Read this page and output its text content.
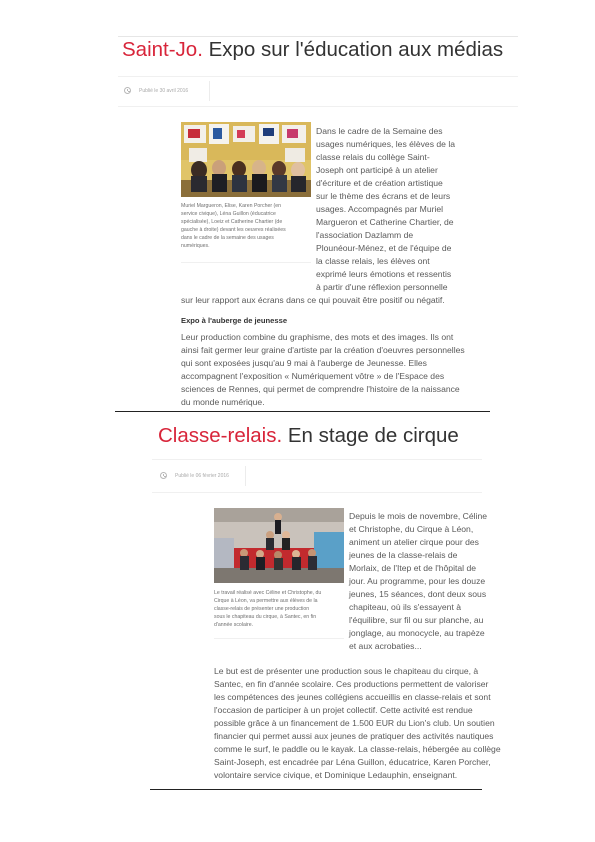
Saint-Jo. Expo sur l'éducation aux médias
Publié le 30 avril 2016

Muriel Margueron, Elise, Karen Porcher (en

service civique), Léna Guillon (éducatrice

spécialisée), Loeiz et Catherine Chartier (de

gauche à droite) devant les oeuvres réalisées

dans le cadre de la semaine des usages

numériques.

Dans le cadre de la Semaine des

usages numériques, les élèves de la

classe relais du collège Saint-

Joseph ont participé à un atelier

d'écriture et de création artistique

sur le thème des écrans et de leurs

usages. Accompagnés par Muriel

Margueron et Catherine Chartier, de

l'association Dazlamm de

Plounéour-Ménez, et de l'équipe de

la classe relais, les élèves ont

exprimé leurs émotions et ressentis

à partir d'une réflexion personnelle

sur leur rapport aux écrans dans ce qui pouvait être positif ou négatif.

Expo à l'auberge de jeunesse

Leur production combine du graphisme, des mots et des images. Ils ont

ainsi fait germer leur graine d'artiste par la création d'oeuvres personnelles

qui sont exposées jusqu'au 9 mai à l'auberge de Jeunesse. Elles

accompagnent l'exposition « Numériquement vôtre » de l'Espace des

sciences de Rennes, qui permet de comprendre l'histoire de la naissance

du monde numérique.

Classe-relais. En stage de cirque
Publié le 06 février 2016

Le travail réalisé avec Céline et Christophe, du

Cirque à Léon, va permettre aux élèves de la

classe-relais de présenter une production

sous le chapiteau du cirque, à Santec, en fin

d'année scolaire.

Depuis le mois de novembre, Céline

et Christophe, du Cirque à Léon,

animent un atelier cirque pour des

jeunes de la classe-relais de

Morlaix, de l'Itep et de l'hôpital de

jour. Au programme, pour les douze

jeunes, 15 séances, dont deux sous

chapiteau, où ils s'essayent à

l'équilibre, sur fil ou sur planche, au

jonglage, au monocycle, au trapèze

et aux acrobaties...

Le but est de présenter une production sous le chapiteau du cirque, à

Santec, en fin d'année scolaire. Ces productions permettent de valoriser

les compétences des jeunes collégiens accueillis en classe-relais et sont

l'occasion de participer à un projet collectif. Cette activité est rendue

possible grâce à un financement de 1.500 EUR du Lion's club. Un soutien

financier qui permet aussi aux jeunes de pratiquer des activités nautiques

comme le surf, le paddle ou le kayak. La classe-relais, hébergée au collège

Saint-Joseph, est encadrée par Léna Guillon, éducatrice, Karen Porcher,

volontaire service civique, et Dominique Ledauphin, enseignant.
